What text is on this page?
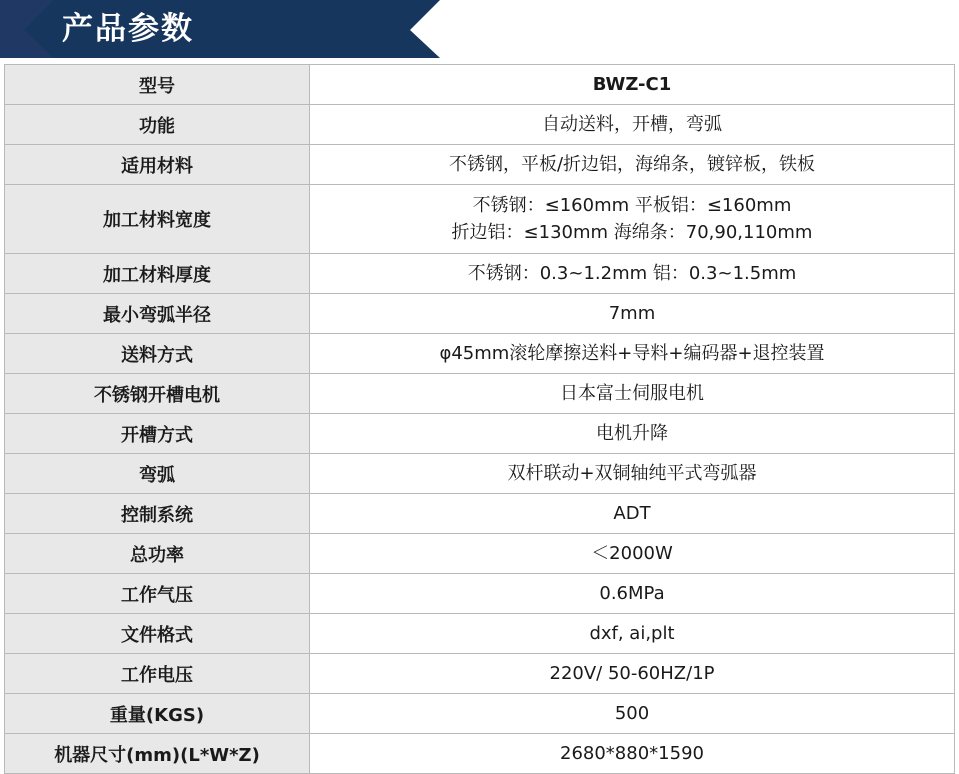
产品参数
型号	BWZ-C1

功能	自动送料，开槽，弯弧

适用材料	不锈钢，平板/折边铝，海绵条，镀锌板，铁板

加工材料宽度	不锈钢：≤160mm 平板铝：≤160mm
折边铝：≤130mm 海绵条：70,90,110mm

加工材料厚度	不锈钢：0.3~1.2mm 铝：0.3~1.5mm

最小弯弧半径	7mm

送料方式	φ45mm滚轮摩擦送料+导料+编码器+退控装置

不锈钢开槽电机	日本富士伺服电机

开槽方式	电机升降

弯弧	双杆联动+双铜轴纯平式弯弧器

控制系统	ADT

总功率	＜2000W

工作气压	0.6MPa

文件格式	dxf, ai,plt

工作电压	220V/ 50-60HZ/1P

重量(KGS)	500

机器尺寸(mm)(L*W*Z)	2680*880*1590
